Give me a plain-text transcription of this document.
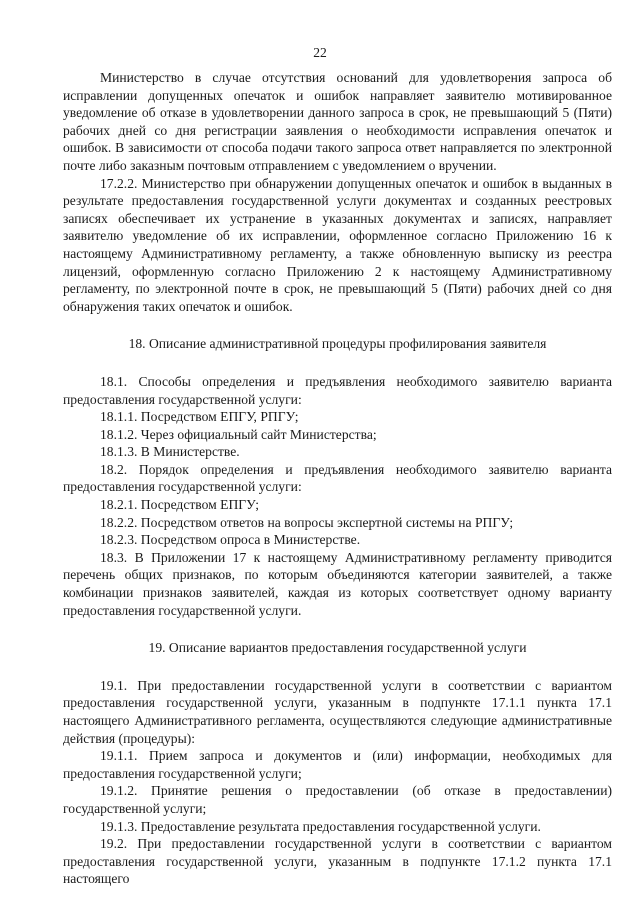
22

Министерство в случае отсутствия оснований для удовлетворения запроса об исправлении допущенных опечаток и ошибок направляет заявителю мотивированное уведомление об отказе в удовлетворении данного запроса в срок, не превышающий 5 (Пяти) рабочих дней со дня регистрации заявления о необходимости исправления опечаток и ошибок. В зависимости от способа подачи такого запроса ответ направляется по электронной почте либо заказным почтовым отправлением с уведомлением о вручении.

17.2.2. Министерство при обнаружении допущенных опечаток и ошибок в выданных в результате предоставления государственной услуги документах и созданных реестровых записях обеспечивает их устранение в указанных документах и записях, направляет заявителю уведомление об их исправлении, оформленное согласно Приложению 16 к настоящему Административному регламенту, а также обновленную выписку из реестра лицензий, оформленную согласно Приложению 2 к настоящему Административному регламенту, по электронной почте в срок, не превышающий 5 (Пяти) рабочих дней со дня обнаружения таких опечаток и ошибок.

18. Описание административной процедуры профилирования заявителя

18.1. Способы определения и предъявления необходимого заявителю варианта предоставления государственной услуги:

18.1.1. Посредством ЕПГУ, РПГУ;

18.1.2. Через официальный сайт Министерства;

18.1.3. В Министерстве.

18.2. Порядок определения и предъявления необходимого заявителю варианта предоставления государственной услуги:

18.2.1. Посредством ЕПГУ;

18.2.2. Посредством ответов на вопросы экспертной системы на РПГУ;

18.2.3. Посредством опроса в Министерстве.

18.3. В Приложении 17 к настоящему Административному регламенту приводится перечень общих признаков, по которым объединяются категории заявителей, а также комбинации признаков заявителей, каждая из которых соответствует одному варианту предоставления государственной услуги.

19. Описание вариантов предоставления государственной услуги

19.1. При предоставлении государственной услуги в соответствии с вариантом предоставления государственной услуги, указанным в подпункте 17.1.1 пункта 17.1 настоящего Административного регламента, осуществляются следующие административные действия (процедуры):

19.1.1. Прием запроса и документов и (или) информации, необходимых для предоставления государственной услуги;

19.1.2. Принятие решения о предоставлении (об отказе в предоставлении) государственной услуги;

19.1.3. Предоставление результата предоставления государственной услуги.

19.2. При предоставлении государственной услуги в соответствии с вариантом предоставления государственной услуги, указанным в подпункте 17.1.2 пункта 17.1 настоящего
